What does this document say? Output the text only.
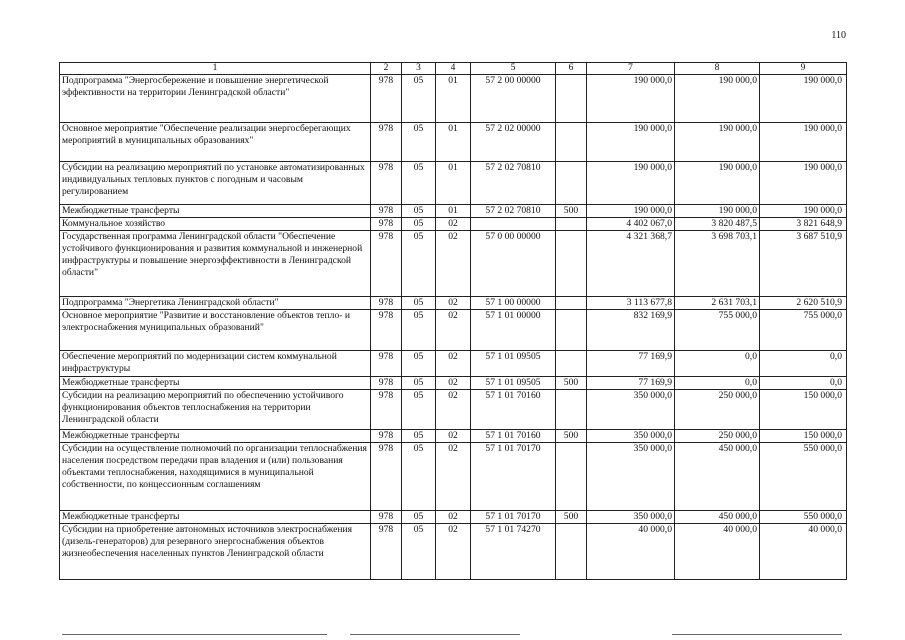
110
1	2	3	4	5	6	7	8	9
Подпрограмма "Энергосбережение и повышение энергетической эффективности на территории Ленинградской области"	978	05	01	57 2 00 00000		190 000,0	190 000,0	190 000,0
Основное мероприятие "Обеспечение реализации энергосберегающих мероприятий в муниципальных образованиях"	978	05	01	57 2 02 00000		190 000,0	190 000,0	190 000,0
Субсидии на реализацию мероприятий по установке автоматизированных индивидуальных тепловых пунктов с погодным и часовым регулированием	978	05	01	57 2 02 70810		190 000,0	190 000,0	190 000,0
Межбюджетные трансферты	978	05	01	57 2 02 70810	500	190 000,0	190 000,0	190 000,0
Коммунальное хозяйство	978	05	02			4 402 067,0	3 820 487,5	3 821 648,9
Государственная программа Ленинградской области "Обеспечение устойчивого функционирования и развития коммунальной и инженерной инфраструктуры и повышение энергоэффективности в Ленинградской области"	978	05	02	57 0 00 00000		4 321 368,7	3 698 703,1	3 687 510,9
Подпрограмма "Энергетика Ленинградской области"	978	05	02	57 1 00 00000		3 113 677,8	2 631 703,1	2 620 510,9
Основное мероприятие "Развитие и восстановление объектов тепло- и электроснабжения муниципальных образований"	978	05	02	57 1 01 00000		832 169,9	755 000,0	755 000,0
Обеспечение мероприятий по модернизации систем коммунальной инфраструктуры	978	05	02	57 1 01 09505		77 169,9	0,0	0,0
Межбюджетные трансферты	978	05	02	57 1 01 09505	500	77 169,9	0,0	0,0
Субсидии на реализацию мероприятий по обеспечению устойчивого функционирования объектов теплоснабжения на территории Ленинградской области	978	05	02	57 1 01 70160		350 000,0	250 000,0	150 000,0
Межбюджетные трансферты	978	05	02	57 1 01 70160	500	350 000,0	250 000,0	150 000,0
Субсидии на осуществление полномочий по организации теплоснабжения населения посредством передачи прав владения и (или) пользования объектами теплоснабжения, находящимися в муниципальной собственности, по концессионным соглашениям	978	05	02	57 1 01 70170		350 000,0	450 000,0	550 000,0
Межбюджетные трансферты	978	05	02	57 1 01 70170	500	350 000,0	450 000,0	550 000,0
Субсидии на приобретение автономных источников электроснабжения (дизель-генераторов) для резервного энергоснабжения объектов жизнеобеспечения населенных пунктов Ленинградской области	978	05	02	57 1 01 74270		40 000,0	40 000,0	40 000,0
